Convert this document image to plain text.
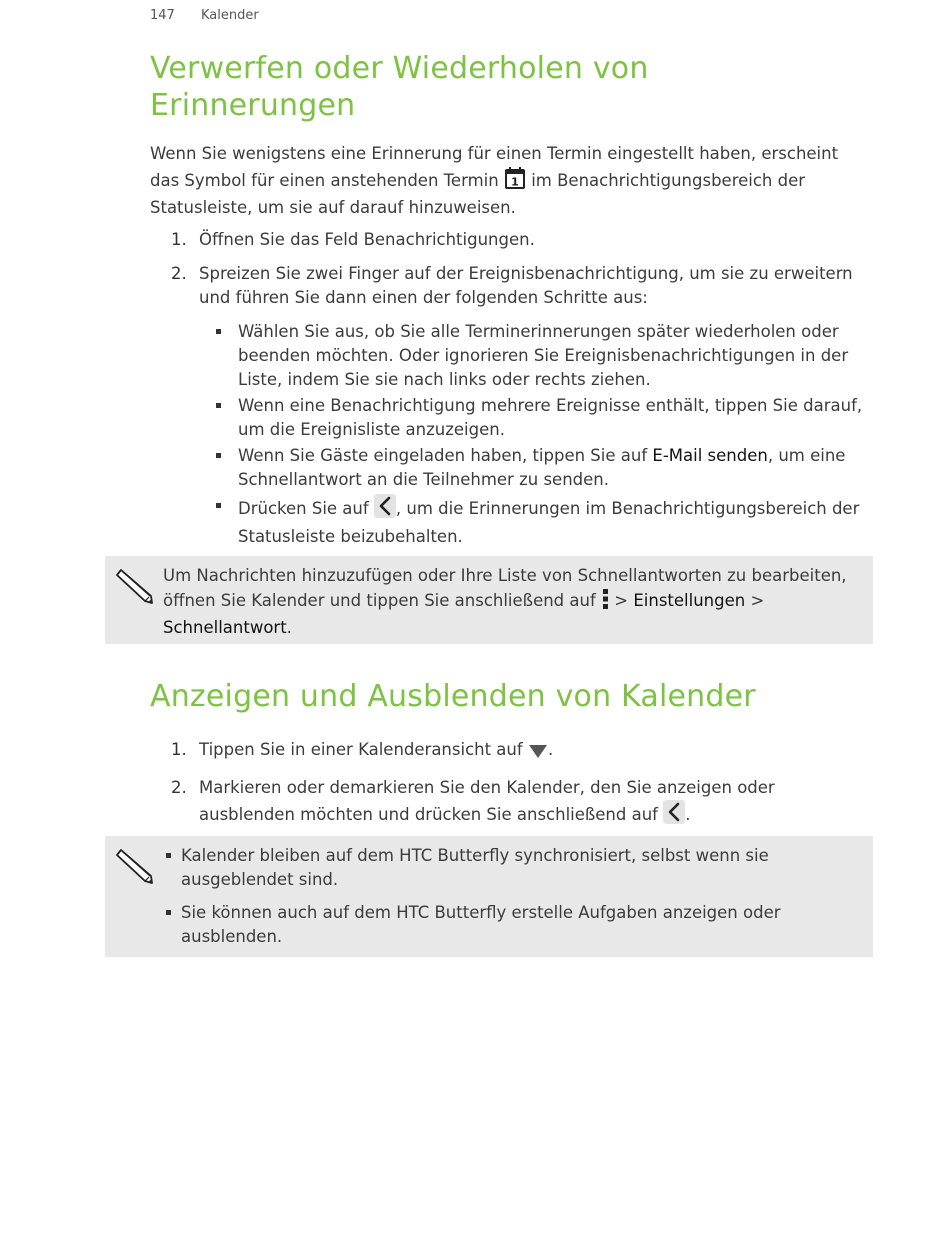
147 Kalender
Verwerfen oder Wiederholen von Erinnerungen

Wenn Sie wenigstens eine Erinnerung für einen Termin eingestellt haben, erscheint das Symbol für einen anstehenden Termin 1 im Benachrichtigungsbereich der Statusleiste, um sie auf darauf hinzuweisen.

1. Öffnen Sie das Feld Benachrichtigungen.
2. Spreizen Sie zwei Finger auf der Ereignisbenachrichtigung, um sie zu erweitern und führen Sie dann einen der folgenden Schritte aus:
Wählen Sie aus, ob Sie alle Terminerinnerungen später wiederholen oder beenden möchten. Oder ignorieren Sie Ereignisbenachrichtigungen in der Liste, indem Sie sie nach links oder rechts ziehen.
Wenn eine Benachrichtigung mehrere Ereignisse enthält, tippen Sie darauf, um die Ereignisliste anzuzeigen.
Wenn Sie Gäste eingeladen haben, tippen Sie auf E-Mail senden, um eine Schnellantwort an die Teilnehmer zu senden.
Drücken Sie auf , um die Erinnerungen im Benachrichtigungsbereich der Statusleiste beizubehalten.
Um Nachrichten hinzuzufügen oder Ihre Liste von Schnellantworten zu bearbeiten, öffnen Sie Kalender und tippen Sie anschließend auf  > Einstellungen > Schnellantwort.
Anzeigen und Ausblenden von Kalender
1. Tippen Sie in einer Kalenderansicht auf .
2. Markieren oder demarkieren Sie den Kalender, den Sie anzeigen oder ausblenden möchten und drücken Sie anschließend auf .
Kalender bleiben auf dem HTC Butterfly synchronisiert, selbst wenn sie ausgeblendet sind.
Sie können auch auf dem HTC Butterfly erstelle Aufgaben anzeigen oder ausblenden.
